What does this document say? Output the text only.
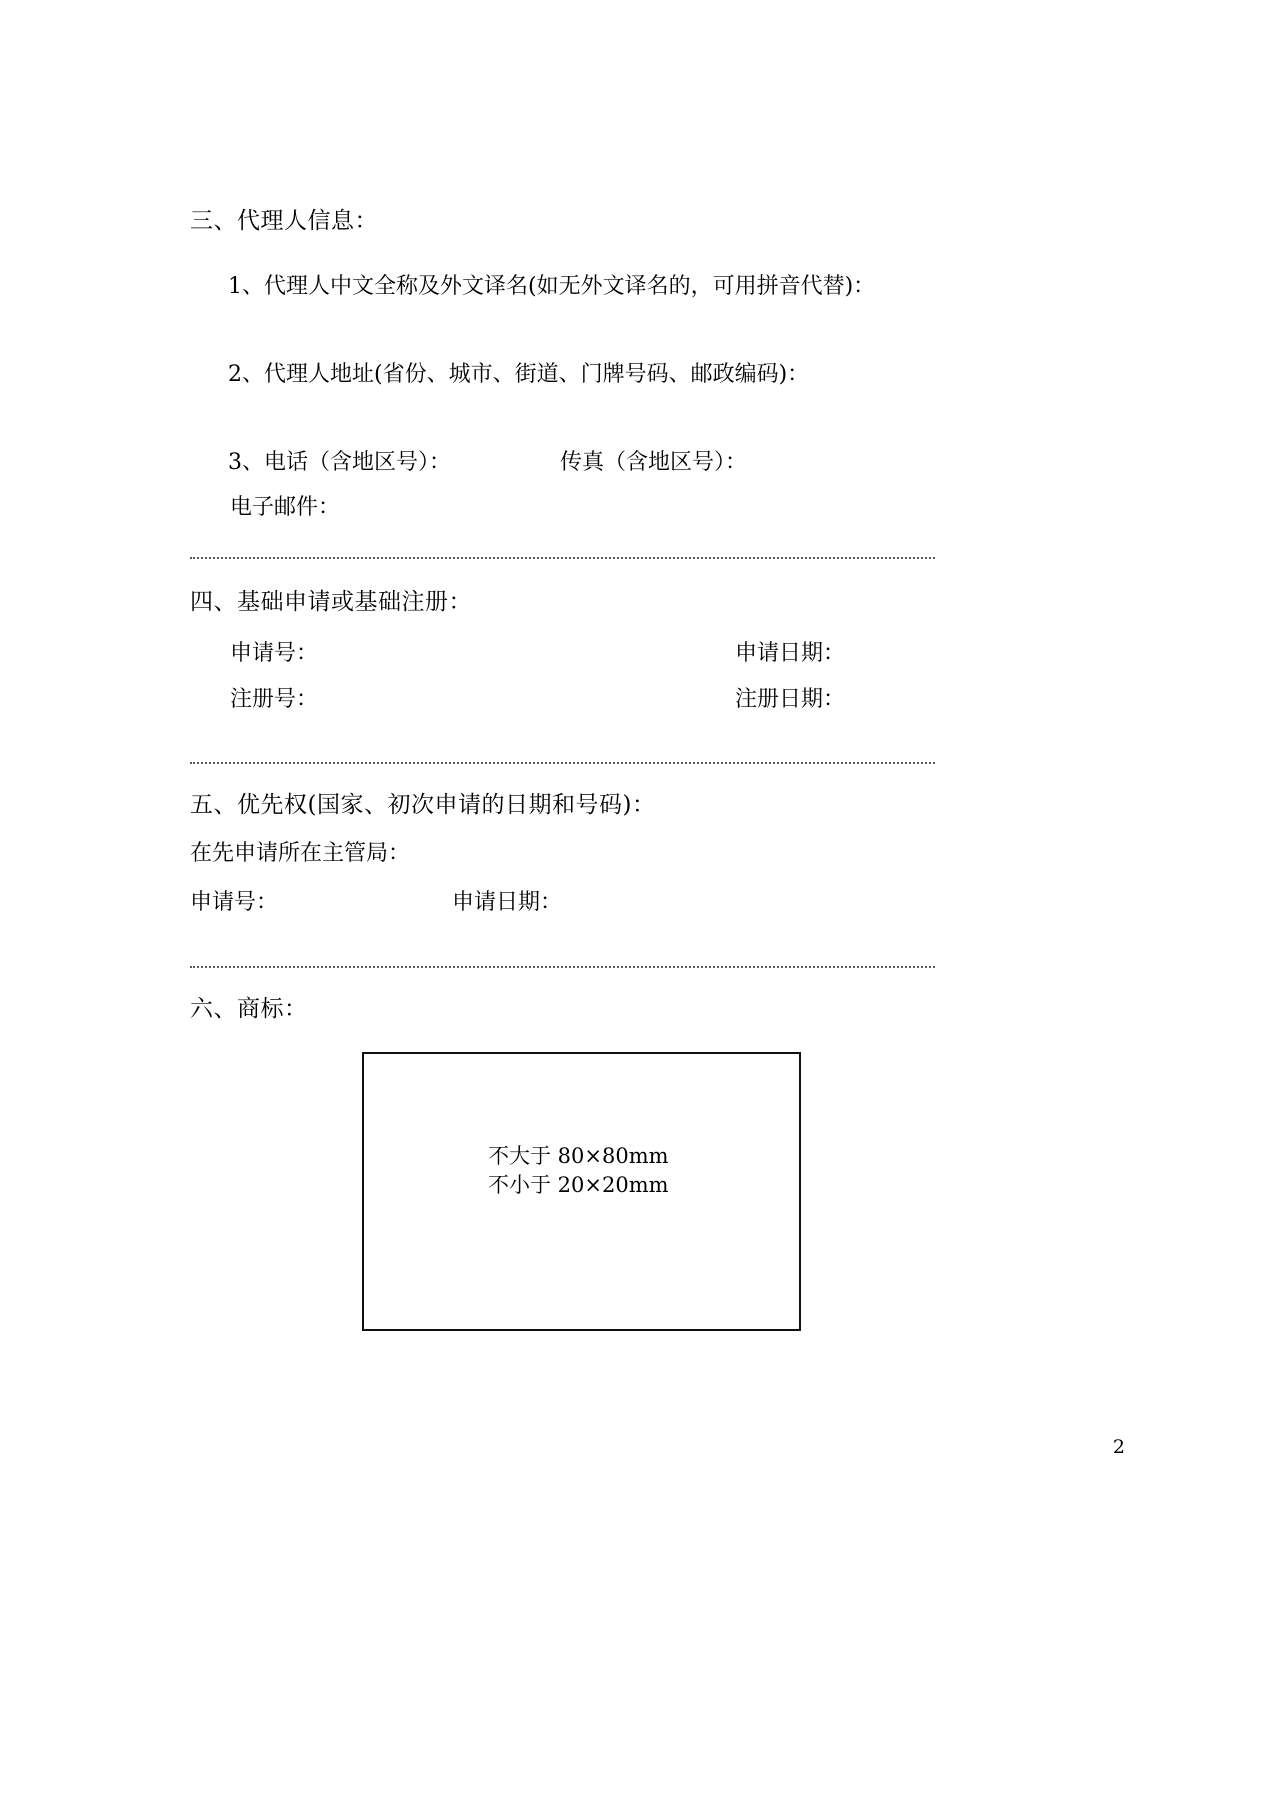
三、代理人信息：
1、代理人中文全称及外文译名(如无外文译名的，可用拼音代替)：
2、代理人地址(省份、城市、街道、门牌号码、邮政编码)：
3、电话（含地区号）：	传真（含地区号）：
电子邮件：
四、基础申请或基础注册：
申请号：	申请日期：
注册号：	注册日期：
五、优先权(国家、初次申请的日期和号码)：
在先申请所在主管局：
申请号：	申请日期：
六、商标：
不大于 80×80mm
不小于 20×20mm
2
